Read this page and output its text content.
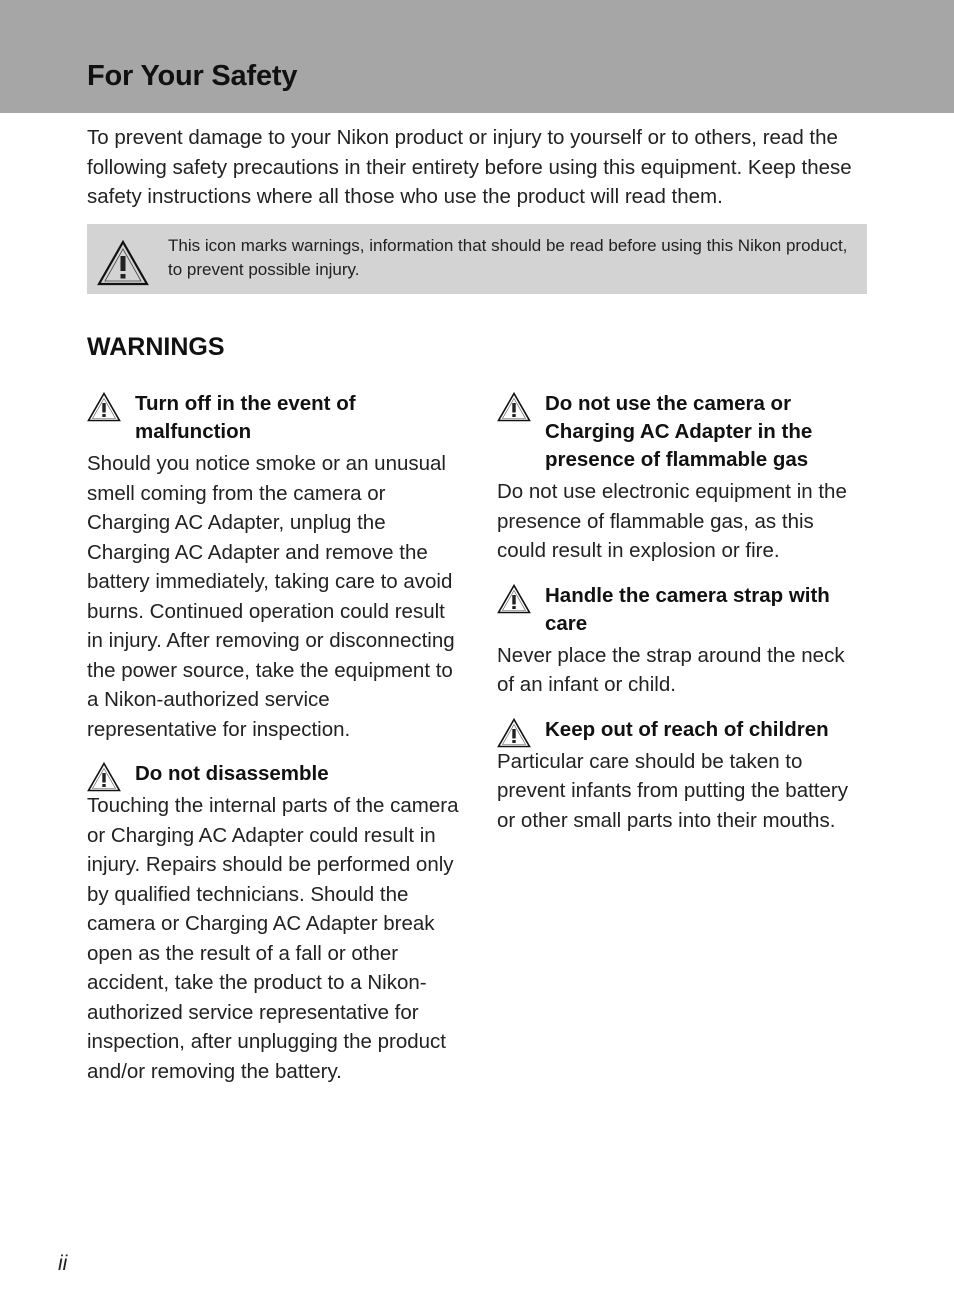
For Your Safety

To prevent damage to your Nikon product or injury to yourself or to others, read the following safety precautions in their entirety before using this equipment. Keep these safety instructions where all those who use the product will read them.

This icon marks warnings, information that should be read before using this Nikon product, to prevent possible injury.

WARNINGS
Turn off in the event of malfunction

Should you notice smoke or an unusual smell coming from the camera or Charging AC Adapter, unplug the Charging AC Adapter and remove the battery immediately, taking care to avoid burns. Continued operation could result in injury. After removing or disconnecting the power source, take the equipment to a Nikon-authorized service representative for inspection.

Do not disassemble

Touching the internal parts of the camera or Charging AC Adapter could result in injury. Repairs should be performed only by qualified technicians. Should the camera or Charging AC Adapter break open as the result of a fall or other accident, take the product to a Nikon-authorized service representative for inspection, after unplugging the product and/or removing the battery.

Do not use the camera or Charging AC Adapter in the presence of flammable gas

Do not use electronic equipment in the presence of flammable gas, as this could result in explosion or fire.

Handle the camera strap with care

Never place the strap around the neck of an infant or child.

Keep out of reach of children

Particular care should be taken to prevent infants from putting the battery or other small parts into their mouths.

ii
